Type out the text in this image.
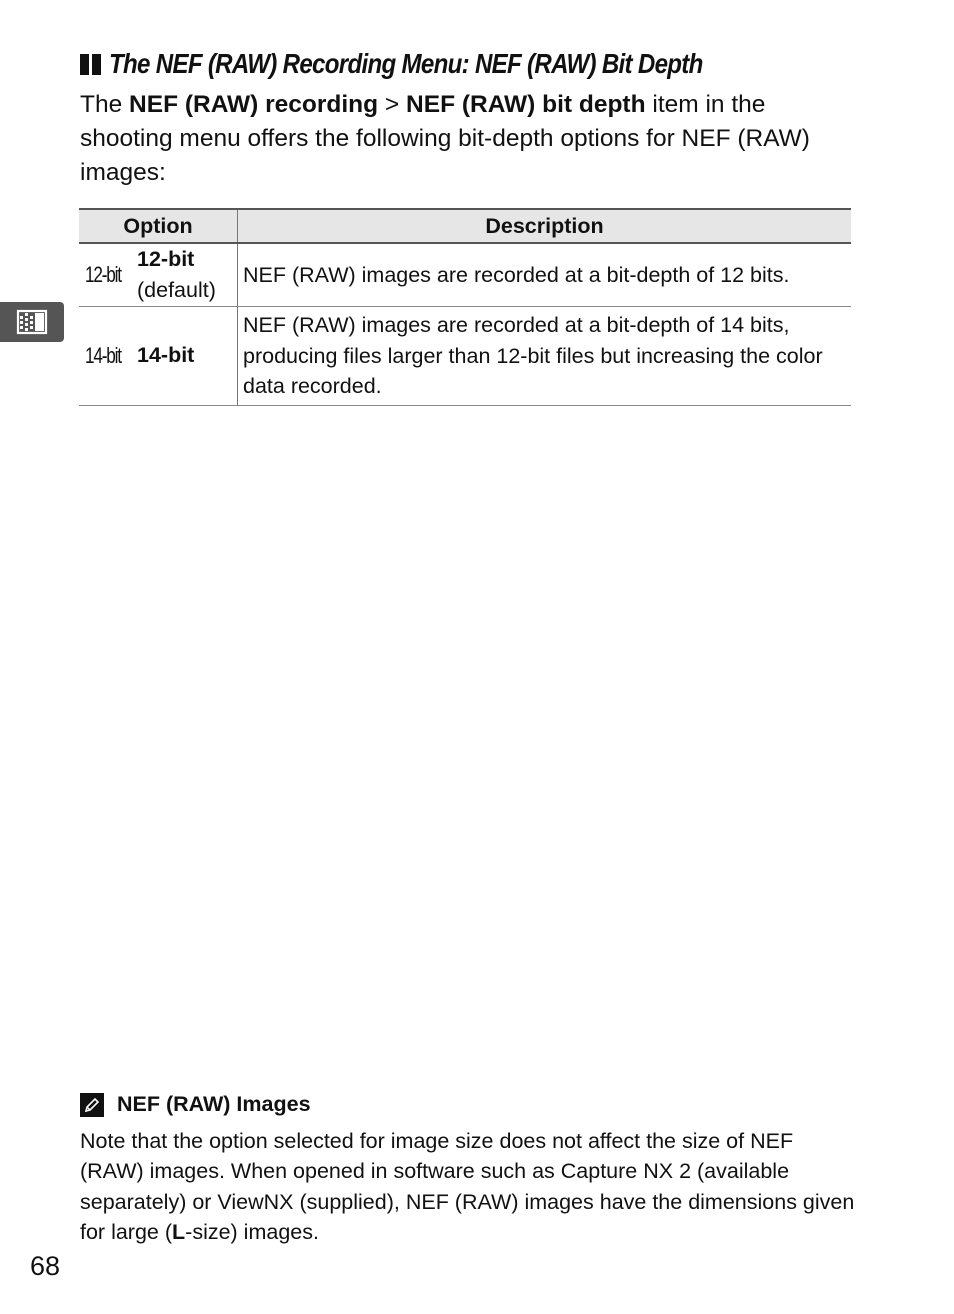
The NEF (RAW) Recording Menu: NEF (RAW) Bit Depth

The NEF (RAW) recording > NEF (RAW) bit depth item in the shooting menu offers the following bit-depth options for NEF (RAW) images:

Option	Description

12-bit
12-bit
(default)	NEF (RAW) images are recorded at a bit-depth of 12 bits.

14-bit 14-bit	NEF (RAW) images are recorded at a bit-depth of 14 bits, producing files larger than 12-bit files but increasing the color data recorded.
NEF (RAW) Images

Note that the option selected for image size does not affect the size of NEF (RAW) images. When opened in software such as Capture NX 2 (available separately) or ViewNX (supplied), NEF (RAW) images have the dimensions given for large (L-size) images.

68
